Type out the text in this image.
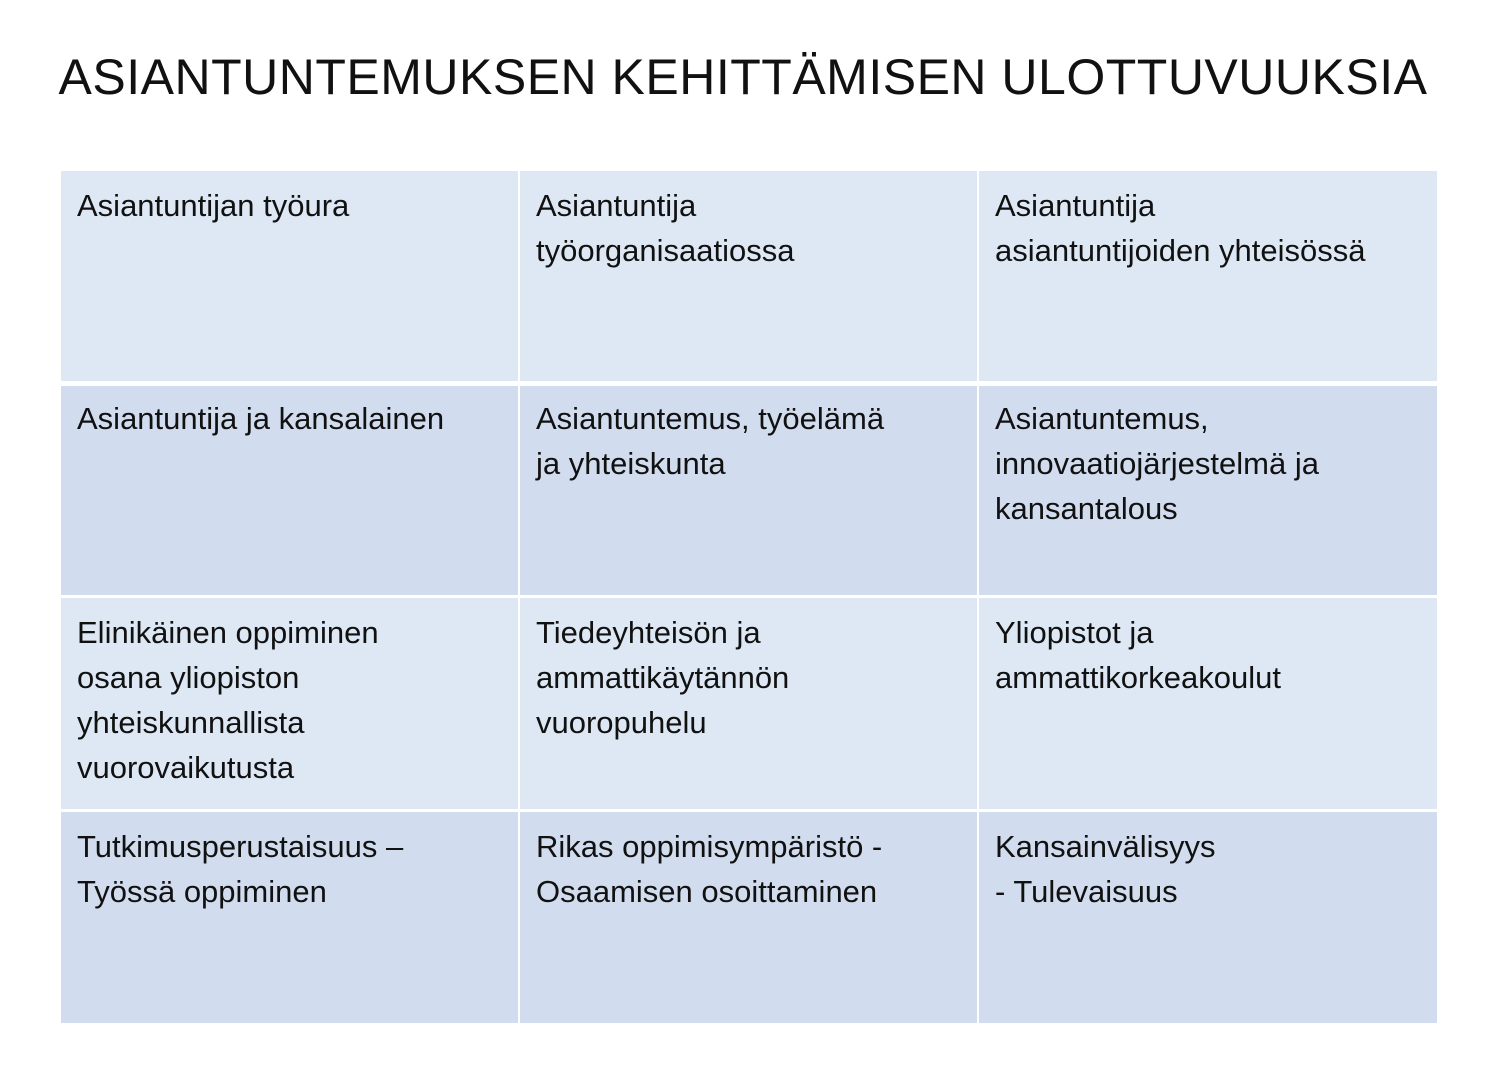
ASIANTUNTEMUKSEN KEHITTÄMISEN ULOTTUVUUKSIA
Asiantuntijan työura	Asiantuntija
työorganisaatiossa
Asiantuntija
asiantuntijoiden yhteisössä
Asiantuntija ja kansalainen	Asiantuntemus, työelämä
ja yhteiskunta
Asiantuntemus,
innovaatiojärjestelmä ja
kansantalous
Elinikäinen oppiminen
osana yliopiston
yhteiskunnallista
vuorovaikutusta
Tiedeyhteisön ja
ammattikäytännön
vuoropuhelu
Yliopistot ja
ammattikorkeakoulut
Tutkimusperustaisuus –
Työssä oppiminen
Rikas oppimisympäristö -
Osaamisen osoittaminen
Kansainvälisyys
- Tulevaisuus
